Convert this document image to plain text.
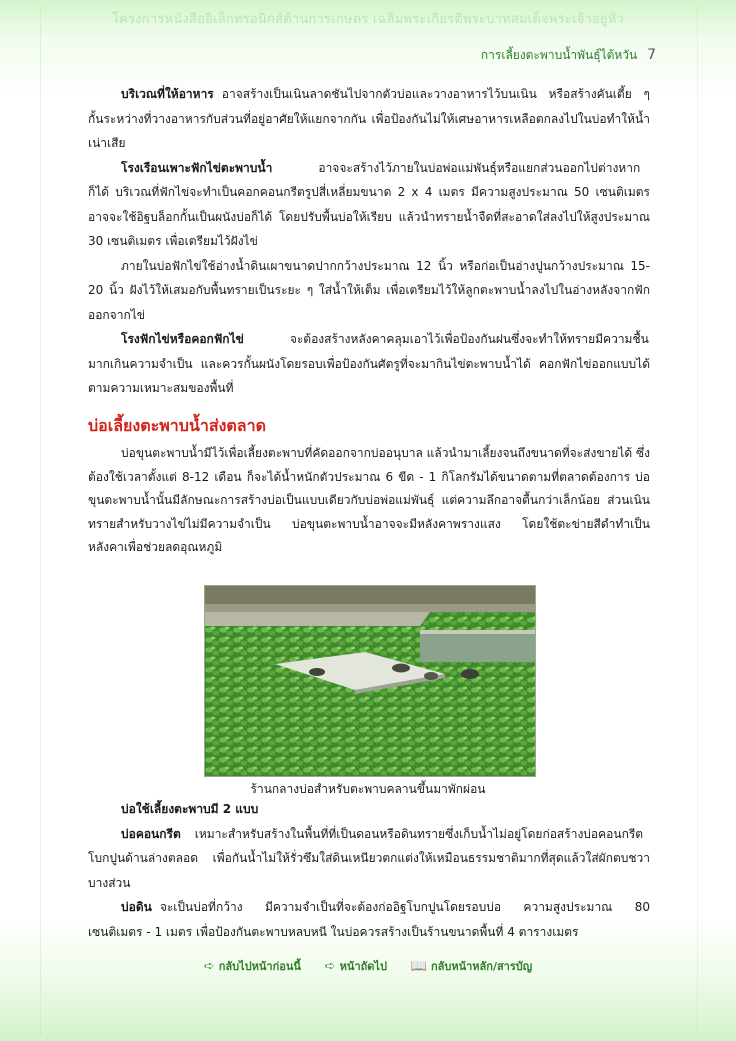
โครงการหนังสืออิเล็กทรอนิกส์ด้านการเกษตร เฉลิมพระเกียรติพระบาทสมเด็จพระเจ้าอยู่หัว
การเลี้ยงตะพาบน้ำพันธุ์ไต้หวัน 7

บริเวณที่ให้อาหาร อาจสร้างเป็นเนินลาดชันไปจากตัวบ่อและวางอาหารไว้บนเนิน หรือสร้างคันเตี้ย ๆ กั้นระหว่างที่วางอาหารกับส่วนที่อยู่อาศัยให้แยกจากกัน เพื่อป้องกันไม่ให้เศษอาหารเหลือตกลงไปในบ่อทำให้น้ำเน่าเสีย

โรงเรือนเพาะฟักไข่ตะพาบน้ำ	อาจจะสร้างไว้ภายในบ่อพ่อแม่พันธุ์หรือแยกส่วนออกไปต่างหากก็ได้ บริเวณที่ฟักไข่จะทำเป็นคอกคอนกรีตรูปสี่เหลี่ยมขนาด 2 x 4 เมตร มีความสูงประมาณ 50 เซนติเมตร อาจจะใช้อิฐบล็อกกั้นเป็นผนังบ่อก็ได้ โดยปรับพื้นบ่อให้เรียบ แล้วนำทรายน้ำจืดที่สะอาดใส่ลงไปให้สูงประมาณ 30 เซนติเมตร เพื่อเตรียมไว้ฝังไข่

ภายในบ่อฟักไข่ใช้อ่างน้ำดินเผาขนาดปากกว้างประมาณ 12 นิ้ว หรือก่อเป็นอ่างปูนกว้างประมาณ 15-20 นิ้ว ฝังไว้ให้เสมอกับพื้นทรายเป็นระยะ ๆ ใส่น้ำให้เต็ม เพื่อเตรียมไว้ให้ลูกตะพาบน้ำลงไปในอ่างหลังจากฟักออกจากไข่

โรงฟักไข่หรือคอกฟักไข่	จะต้องสร้างหลังคาคลุมเอาไว้เพื่อป้องกันฝนซึ่งจะทำให้ทรายมีความชื้นมากเกินความจำเป็น และควรกั้นผนังโดยรอบเพื่อป้องกันศัตรูที่จะมากินไข่ตะพาบน้ำได้ คอกฟักไข่ออกแบบได้ตามความเหมาะสมของพื้นที่

บ่อเลี้ยงตะพาบน้ำส่งตลาด

บ่อขุนตะพาบน้ำมีไว้เพื่อเลี้ยงตะพาบที่คัดออกจากบ่ออนุบาล แล้วนำมาเลี้ยงจนถึงขนาดที่จะส่งขายได้ ซึ่งต้องใช้เวลาตั้งแต่ 8-12 เดือน ก็จะได้น้ำหนักตัวประมาณ 6 ขีด - 1 กิโลกรัมได้ขนาดตามที่ตลาดต้องการ บ่อขุนตะพาบน้ำนั้นมีลักษณะการสร้างบ่อเป็นแบบเดียวกับบ่อพ่อแม่พันธุ์ แต่ความลึกอาจตื้นกว่าเล็กน้อย ส่วนเนินทรายสำหรับวางไข่ไม่มีความจำเป็น บ่อขุนตะพาบน้ำอาจจะมีหลังคาพรางแสง โดยใช้ตะข่ายสีดำทำเป็นหลังคาเพื่อช่วยลดอุณหภูมิ

ร้านกลางบ่อสำหรับตะพาบคลานขึ้นมาพักผ่อน

บ่อใช้เลี้ยงตะพาบมี 2 แบบ

บ่อคอนกรีต เหมาะสำหรับสร้างในพื้นที่ที่เป็นดอนหรือดินทรายซึ่งเก็บน้ำไม่อยู่โดยก่อสร้างบ่อคอนกรีตโบกปูนด้านล่างตลอด เพื่อกันน้ำไม่ให้รั่วซึมใส่ดินเหนียวตกแต่งให้เหมือนธรรมชาติมากที่สุดแล้วใส่ผักตบชวาบางส่วน

บ่อดิน จะเป็นบ่อที่กว้าง มีความจำเป็นที่จะต้องก่ออิฐโบกปูนโดยรอบบ่อ ความสูงประมาณ 80 เซนติเมตร - 1 เมตร เพื่อป้องกันตะพาบหลบหนี ในบ่อควรสร้างเป็นร้านขนาดพื้นที่ 4 ตารางเมตร

➪ กลับไปหน้าก่อนนี้
➪ หน้าถัดไป
📖 กลับหน้าหลัก/สารบัญ
